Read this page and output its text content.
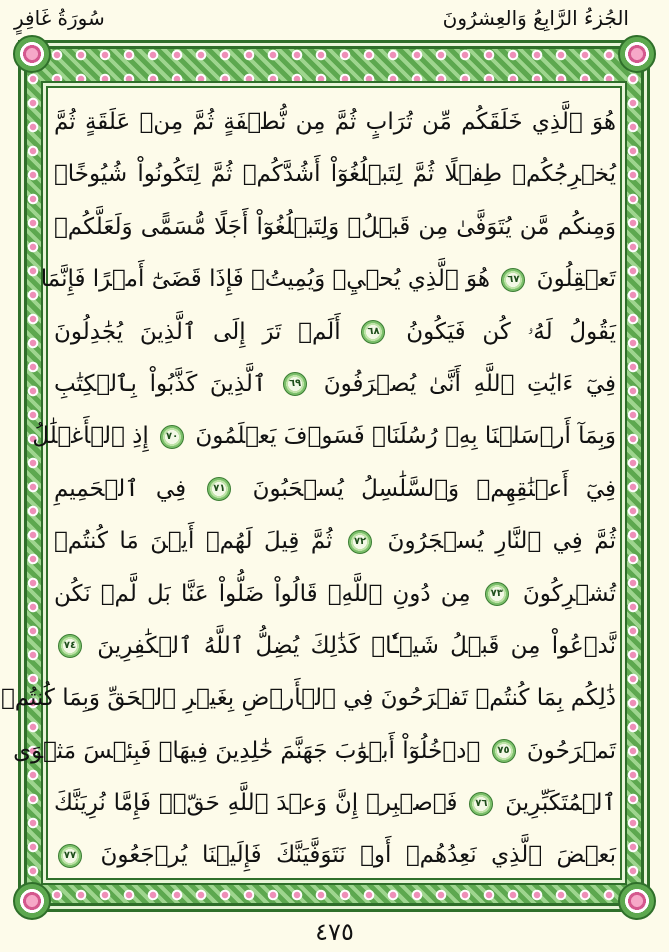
الجُزءُ الرَّابِعُ وَالعِشرُونَ
سُورَةُ غَافِرٍ
هُوَ ٱلَّذِي خَلَقَكُم مِّن تُرَابٍ ثُمَّ مِن نُّطۡفَةٍ ثُمَّ مِنۡ عَلَقَةٍ ثُمَّ
يُخۡرِجُكُمۡ طِفۡلًا ثُمَّ لِتَبۡلُغُوٓاْ أَشُدَّكُمۡ ثُمَّ لِتَكُونُواْ شُيُوخًاۚ
وَمِنكُم مَّن يُتَوَفَّىٰ مِن قَبۡلُۖ وَلِتَبۡلُغُوٓاْ أَجَلًا مُّسَمًّى وَلَعَلَّكُمۡ
تَعۡقِلُونَ ٦٧ هُوَ ٱلَّذِي يُحۡيِۦ وَيُمِيتُۖ فَإِذَا قَضَىٰٓ أَمۡرًا فَإِنَّمَا
يَقُولُ لَهُۥ كُن فَيَكُونُ ٦٨ أَلَمۡ تَرَ إِلَى ٱلَّذِينَ يُجَٰدِلُونَ
فِيٓ ءَايَٰتِ ٱللَّهِ أَنَّىٰ يُصۡرَفُونَ ٦٩ ٱلَّذِينَ كَذَّبُواْ بِٱلۡكِتَٰبِ
وَبِمَآ أَرۡسَلۡنَا بِهِۦ رُسُلَنَاۖ فَسَوۡفَ يَعۡلَمُونَ ٧٠ إِذِ ٱلۡأَغۡلَٰلُ
فِيٓ أَعۡنَٰقِهِمۡ وَٱلسَّلَٰسِلُ يُسۡحَبُونَ ٧١ فِي ٱلۡحَمِيمِ
ثُمَّ فِي ٱلنَّارِ يُسۡجَرُونَ ٧٢ ثُمَّ قِيلَ لَهُمۡ أَيۡنَ مَا كُنتُمۡ
تُشۡرِكُونَ ٧٣ مِن دُونِ ٱللَّهِۖ قَالُواْ ضَلُّواْ عَنَّا بَل لَّمۡ نَكُن
نَّدۡعُواْ مِن قَبۡلُ شَيۡـٔٗاۚ كَذَٰلِكَ يُضِلُّ ٱللَّهُ ٱلۡكَٰفِرِينَ ٧٤
ذَٰلِكُم بِمَا كُنتُمۡ تَفۡرَحُونَ فِي ٱلۡأَرۡضِ بِغَيۡرِ ٱلۡحَقِّ وَبِمَا كُنتُمۡ
تَمۡرَحُونَ ٧٥ ٱدۡخُلُوٓاْ أَبۡوَٰبَ جَهَنَّمَ خَٰلِدِينَ فِيهَاۖ فَبِئۡسَ مَثۡوَى
ٱلۡمُتَكَبِّرِينَ ٧٦ فَٱصۡبِرۡ إِنَّ وَعۡدَ ٱللَّهِ حَقّٞۚ فَإِمَّا نُرِيَنَّكَ
بَعۡضَ ٱلَّذِي نَعِدُهُمۡ أَوۡ نَتَوَفَّيَنَّكَ فَإِلَيۡنَا يُرۡجَعُونَ ٧٧
٤٧٥
